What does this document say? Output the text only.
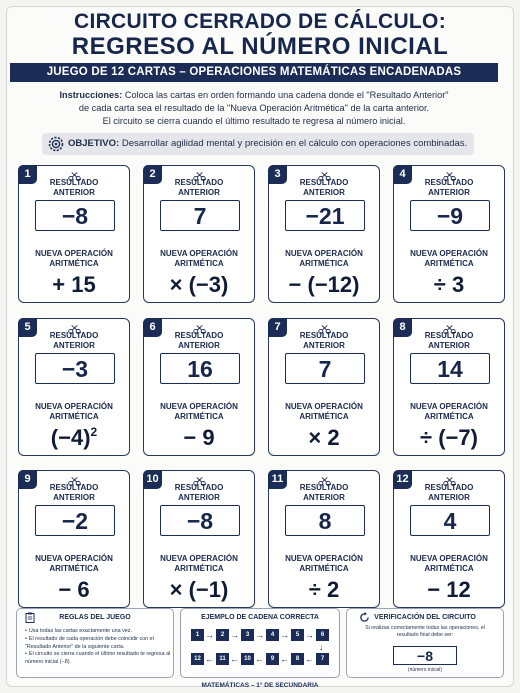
CIRCUITO CERRADO DE CÁLCULO:
REGRESO AL NÚMERO INICIAL
JUEGO DE 12 CARTAS – OPERACIONES MATEMÁTICAS ENCADENADAS
Instrucciones: Coloca las cartas en orden formando una cadena donde el "Resultado Anterior"
de cada carta sea el resultado de la "Nueva Operación Aritmética" de la carta anterior.
El circuito se cierra cuando el último resultado te regresa al número inicial.
OBJETIVO: Desarrollar agilidad mental y precisión en el cálculo con operaciones combinadas.
1
RESULTADO
ANTERIOR
−8
NUEVA OPERACIÓN
ARITMÉTICA
+ 15
2
RESULTADO
ANTERIOR
7
NUEVA OPERACIÓN
ARITMÉTICA
× (−3)
3
RESULTADO
ANTERIOR
−21
NUEVA OPERACIÓN
ARITMÉTICA
− (−12)
4
RESULTADO
ANTERIOR
−9
NUEVA OPERACIÓN
ARITMÉTICA
÷ 3
5
RESULTADO
ANTERIOR
−3
NUEVA OPERACIÓN
ARITMÉTICA
$(-4)^2$
6
RESULTADO
ANTERIOR
16
NUEVA OPERACIÓN
ARITMÉTICA
− 9
7
RESULTADO
ANTERIOR
7
NUEVA OPERACIÓN
ARITMÉTICA
× 2
8
RESULTADO
ANTERIOR
14
NUEVA OPERACIÓN
ARITMÉTICA
÷ (−7)
9
RESULTADO
ANTERIOR
−2
NUEVA OPERACIÓN
ARITMÉTICA
− 6
10
RESULTADO
ANTERIOR
−8
NUEVA OPERACIÓN
ARITMÉTICA
× (−1)
11
RESULTADO
ANTERIOR
8
NUEVA OPERACIÓN
ARITMÉTICA
÷ 2
12
RESULTADO
ANTERIOR
4
NUEVA OPERACIÓN
ARITMÉTICA
− 12
REGLAS DEL JUEGO
• Usa todas las cartas exactamente una vez.
• El resultado de cada operación debe coincidir con el "Resultado Anterior" de la siguiente carta.
• El circuito se cierra cuando el último resultado te regresa al número inicial (−8).
EJEMPLO DE CADENA CORRECTA
1 →	2 →	3 →	4 →	5 →	6
↓
12 ← 11 ← 10 ←	9 ←	8 ←	7
VERIFICACIÓN DEL CIRCUITO
Si realizas correctamente todas las operaciones, el resultado final debe ser:
−8
(número inicial)
MATEMÁTICAS – 1° DE SECUNDARIA
